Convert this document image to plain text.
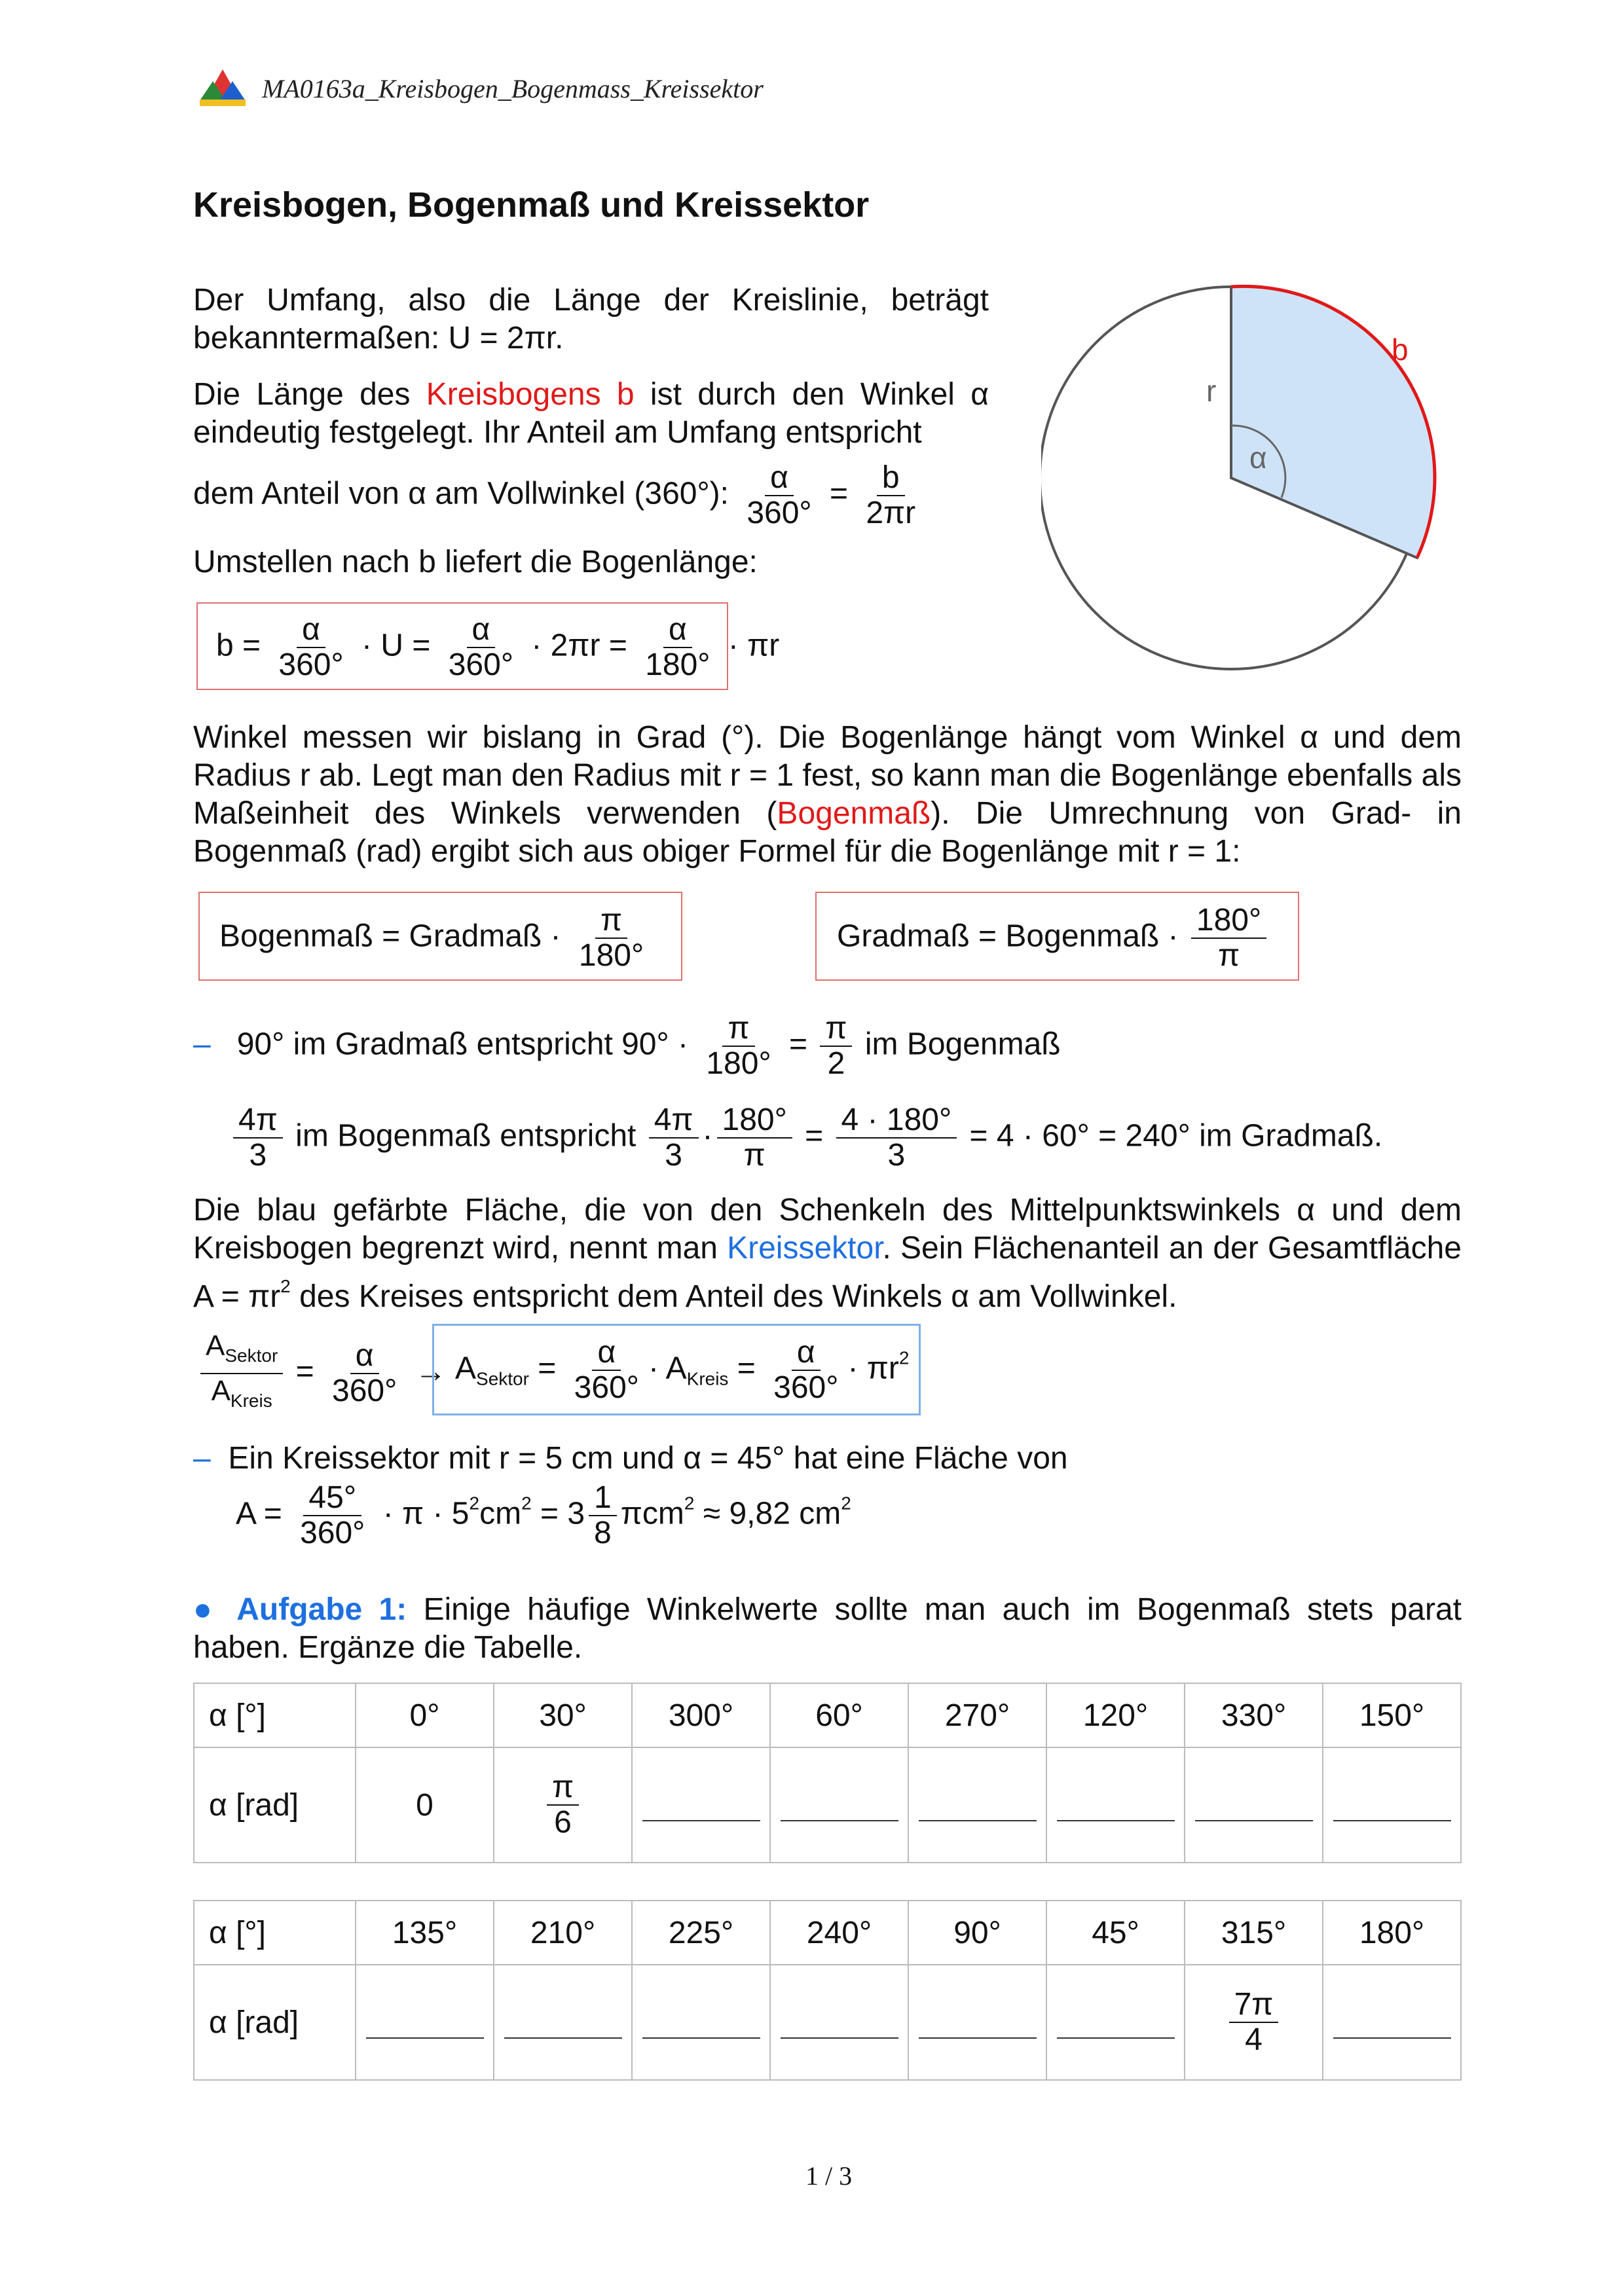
MA0163a_Kreisbogen_Bogenmass_Kreissektor
Kreisbogen, Bogenmaß und Kreissektor
Der Umfang, also die Länge der Kreislinie, beträgt bekanntermaßen: U = 2πr.
Die Länge des Kreisbogens b ist durch den Winkel α eindeutig festgelegt. Ihr Anteil am Umfang entspricht
dem Anteil von α am Vollwinkel (360°): $\frac{\alpha}{360^\circ} = \frac{b}{2\pi r}$
Umstellen nach b liefert die Bogenlänge:
r
b
α
$b = \frac{\alpha}{360^\circ} \cdot U = \frac{\alpha}{360^\circ} \cdot 2\pi r = \frac{\alpha}{180^\circ} \cdot \pi r$
Winkel messen wir bislang in Grad (°). Die Bogenlänge hängt vom Winkel α und dem Radius r ab. Legt man den Radius mit r = 1 fest, so kann man die Bogenlänge ebenfalls als Maßeinheit des Winkels verwenden (Bogenmaß). Die Umrechnung von Grad- in Bogenmaß (rad) ergibt sich aus obiger Formel für die Bogenlänge mit r = 1:
Bogenmaß = Gradmaß · $\frac{\pi}{180^\circ}$	Gradmaß = Bogenmaß · $\frac{180^\circ}{\pi}$
– 90° im Gradmaß entspricht $90^\circ \cdot \frac{\pi}{180^\circ} = \frac{\pi}{2}$ im Bogenmaß
$\frac{4\pi}{3}$ im Bogenmaß entspricht $\frac{4\pi}{3} \cdot \frac{180^\circ}{\pi} = \frac{4 \cdot 180^\circ}{3} = 4 \cdot 60^\circ = 240^\circ$ im Gradmaß.
Die blau gefärbte Fläche, die von den Schenkeln des Mittelpunktswinkels α und dem Kreisbogen begrenzt wird, nennt man Kreissektor. Sein Flächenanteil an der Gesamtfläche $A = \pi r^2$ des Kreises entspricht dem Anteil des Winkels α am Vollwinkel.
$\frac{A_{Sektor}}{A_{Kreis}} = \frac{\alpha}{360^\circ} \to A_{Sektor} = \frac{\alpha}{360^\circ} \cdot A_{Kreis} = \frac{\alpha}{360^\circ} \cdot \pi r^2$
– Ein Kreissektor mit r = 5 cm und α = 45° hat eine Fläche von
$A = \frac{45^\circ}{360^\circ} \cdot \pi \cdot 5^2cm^2 = 3 \frac{1}{8} \pi cm^2 \approx 9,82$ $cm^2$
● Aufgabe 1: Einige häufige Winkelwerte sollte man auch im Bogenmaß stets parat haben. Ergänze die Tabelle.
α [°]	0°	30°	300°	60°	270°	120°	330°	150°
α [rad]	0	$\frac{\pi}{6}$

α [°]	135°	210°	225°	240°	90°	45°	315°	180°
α [rad]							$\frac{7\pi}{4}$

1 / 3
